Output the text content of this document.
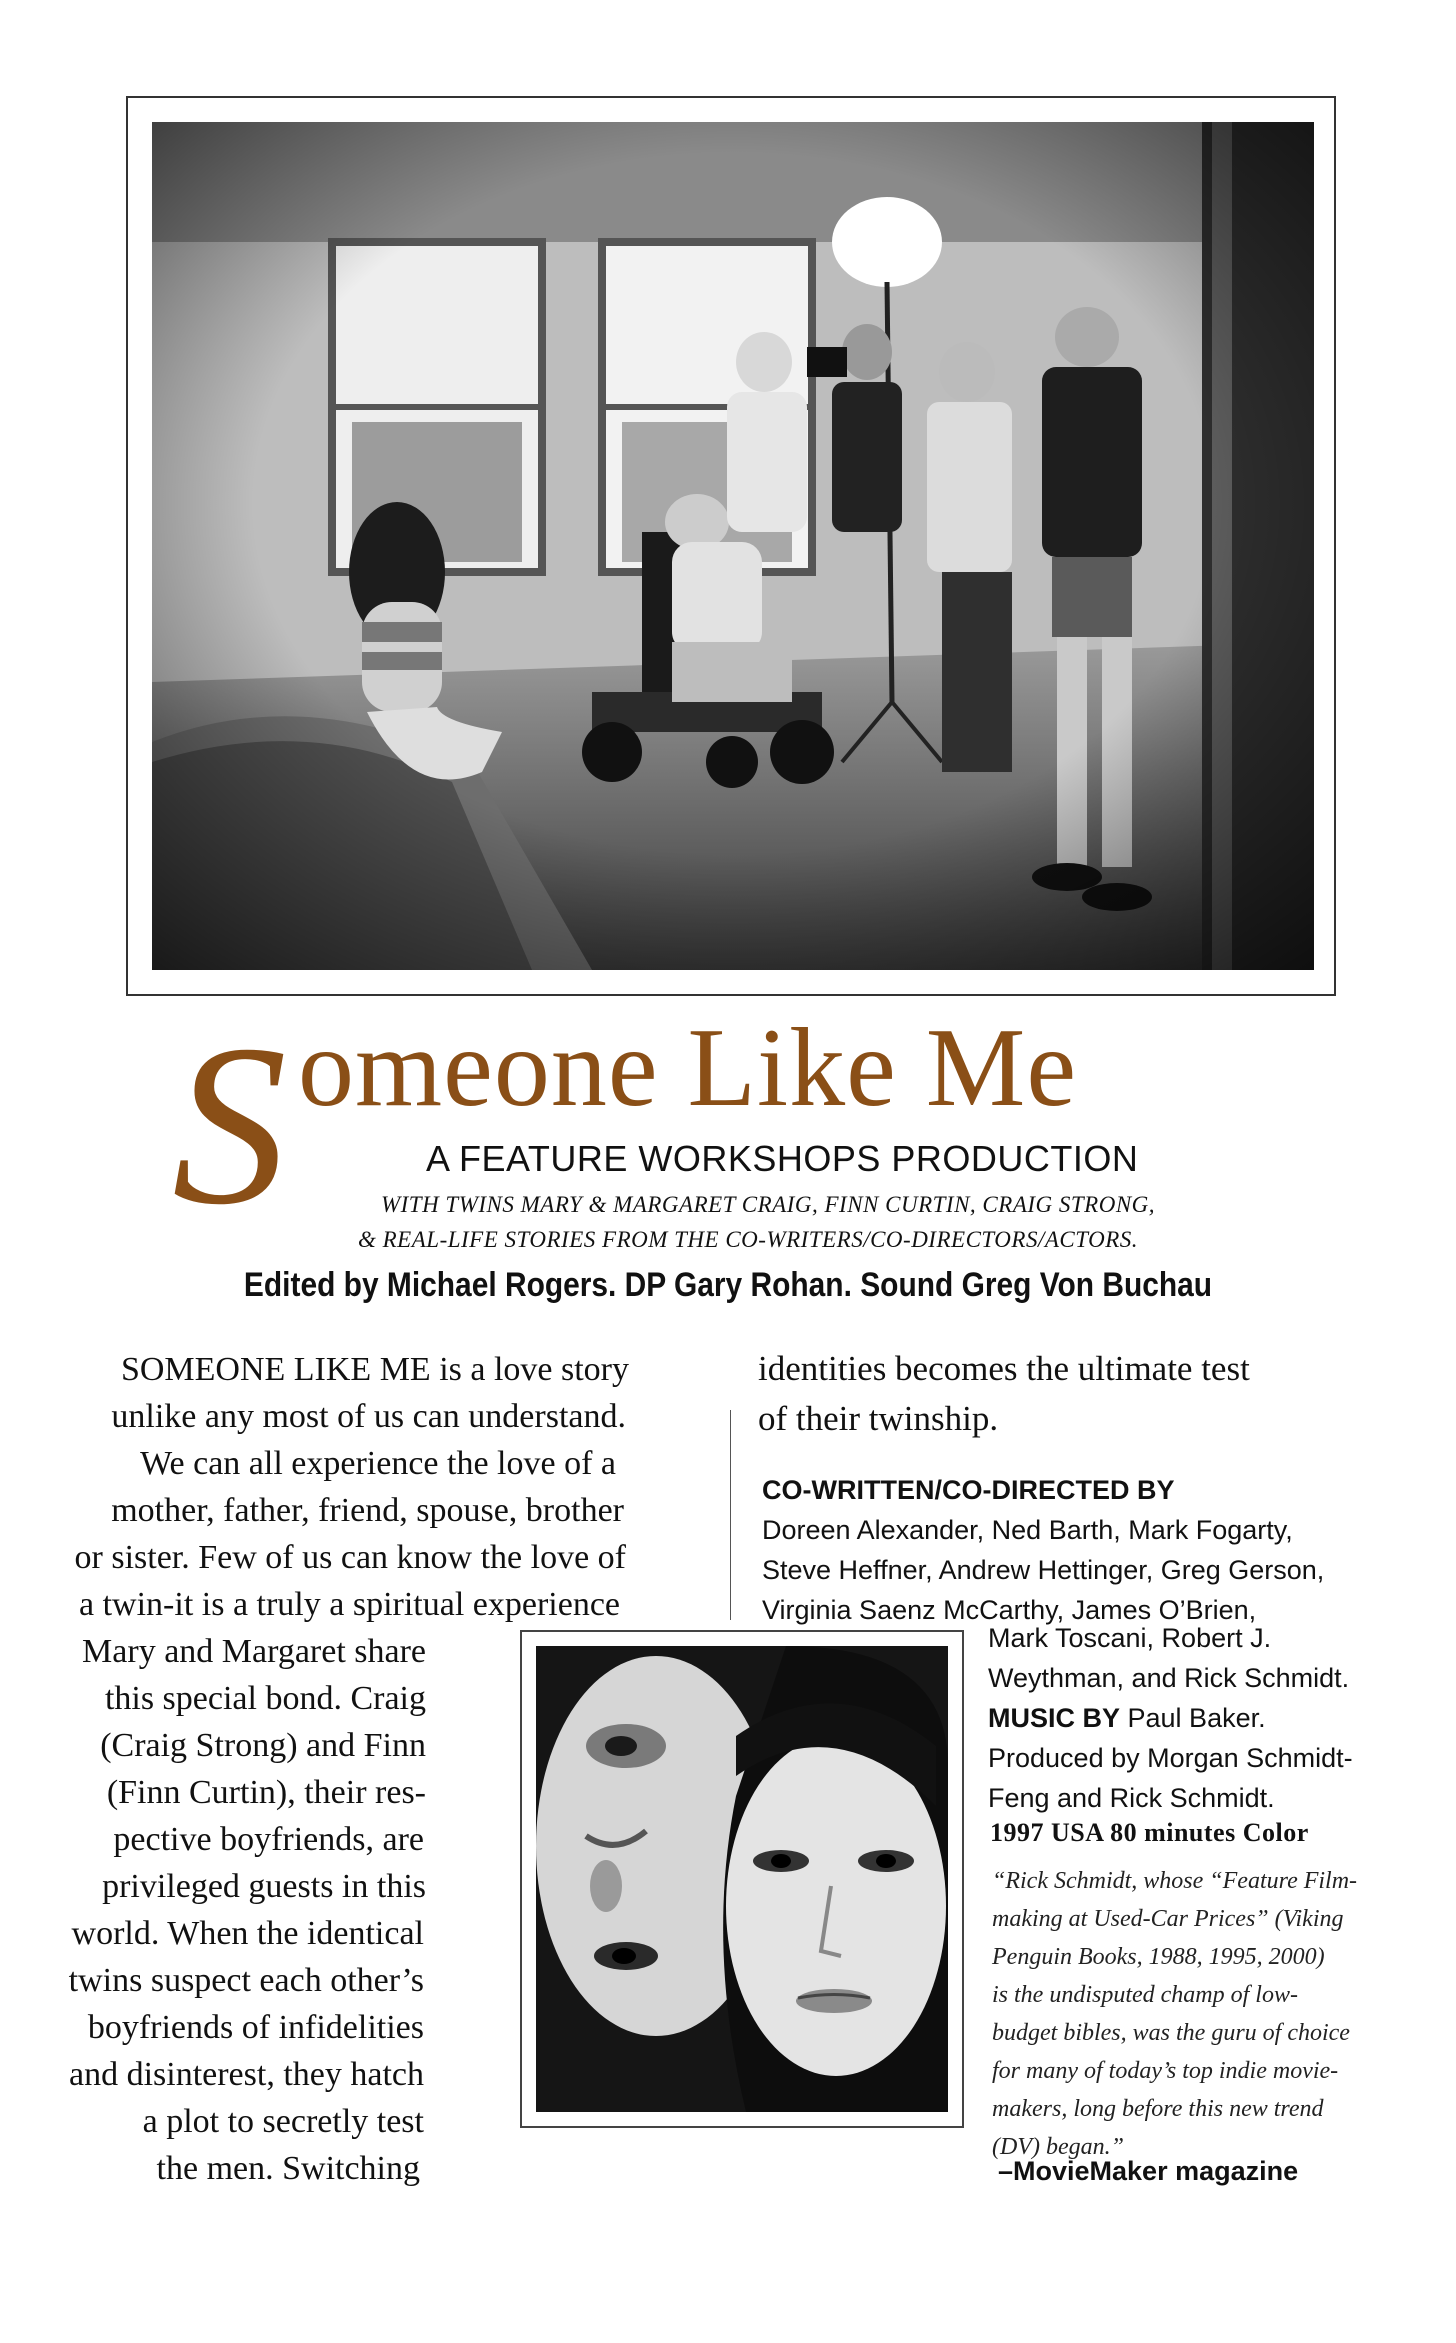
S omeone Like Me
A FEATURE WORKSHOPS PRODUCTION
WITH TWINS MARY & MARGARET CRAIG, FINN CURTIN, CRAIG STRONG,
& REAL-LIFE STORIES FROM THE CO-WRITERS/CO-DIRECTORS/ACTORS.
Edited by Michael Rogers. DP Gary Rohan. Sound Greg Von Buchau
SOMEONE LIKE ME is a love story
unlike any most of us can understand.
We can all experience the love of a
mother, father, friend, spouse, brother
or sister. Few of us can know the love of
a twin-it is a truly a spiritual experience
Mary and Margaret share
this special bond. Craig
(Craig Strong) and Finn
(Finn Curtin), their res-
pective boyfriends, are
privileged guests in this
world. When the identical
twins suspect each other’s
boyfriends of infidelities
and disinterest, they hatch
a plot to secretly test
the men. Switching
identities becomes the ultimate test
of their twinship.
CO-WRITTEN/CO-DIRECTED BY
Doreen Alexander, Ned Barth, Mark Fogarty,
Steve Heffner, Andrew Hettinger, Greg Gerson,
Virginia Saenz McCarthy, James O’Brien,
Mark Toscani, Robert J.
Weythman, and Rick Schmidt.
MUSIC BY Paul Baker.
Produced by Morgan Schmidt-
Feng and Rick Schmidt.
1997 USA 80 minutes Color
“Rick Schmidt, whose “Feature Film-
making at Used-Car Prices” (Viking
Penguin Books, 1988, 1995, 2000)
is the undisputed champ of low-
budget bibles, was the guru of choice
for many of today’s top indie movie-
makers, long before this new trend
(DV) began.”
–MovieMaker magazine
